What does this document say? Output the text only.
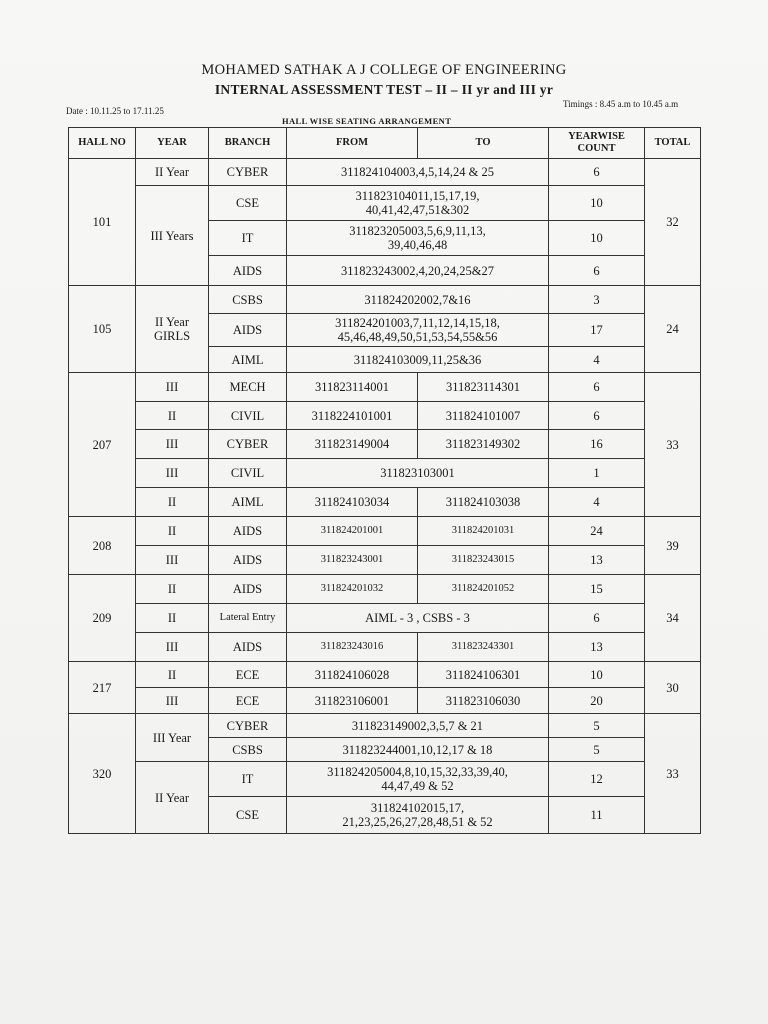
MOHAMED SATHAK A J COLLEGE OF ENGINEERING
INTERNAL ASSESSMENT TEST – II – II yr and III yr
Date : 10.11.25 to 17.11.25
Timings : 8.45 a.m to 10.45 a.m
HALL WISE SEATING ARRANGEMENT
HALL NO	YEAR	BRANCH	FROM	TO	YEARWISE COUNT	TOTAL
101	II Year	CYBER	311824104003,4,5,14,24 & 25		6	32
	III Years	CSE	311823104011,15,17,19,
40,41,42,47,51&302		10	
		IT	311823205003,5,6,9,11,13,
39,40,46,48		10	
		AIDS	311823243002,4,20,24,25&27		6	
105	II Year
GIRLS	CSBS	311824202002,7&16		3	24
		AIDS	311824201003,7,11,12,14,15,18,
45,46,48,49,50,51,53,54,55&56		17	
		AIML	311824103009,11,25&36		4	
207	III	MECH	311823114001	311823114301	6	33
	II	CIVIL	3118224101001	311824101007	6	
	III	CYBER	311823149004	311823149302	16	
	III	CIVIL	311823103001		1	
	II	AIML	311824103034	311824103038	4	
208	II	AIDS	311824201001	311824201031	24	39
	III	AIDS	311823243001	311823243015	13	
209	II	AIDS	311824201032	311824201052	15	34
	II	Lateral Entry	AIML - 3 , CSBS - 3		6	
	III	AIDS	311823243016	311823243301	13	
217	II	ECE	311824106028	311824106301	10	30
	III	ECE	311823106001	311823106030	20	
320	III Year	CYBER	311823149002,3,5,7 & 21		5	33
		CSBS	311823244001,10,12,17 & 18		5	
	II Year	IT	311824205004,8,10,15,32,33,39,40,
44,47,49 & 52		12	
		CSE	311824102015,17,
21,23,25,26,27,28,48,51 & 52		11	
